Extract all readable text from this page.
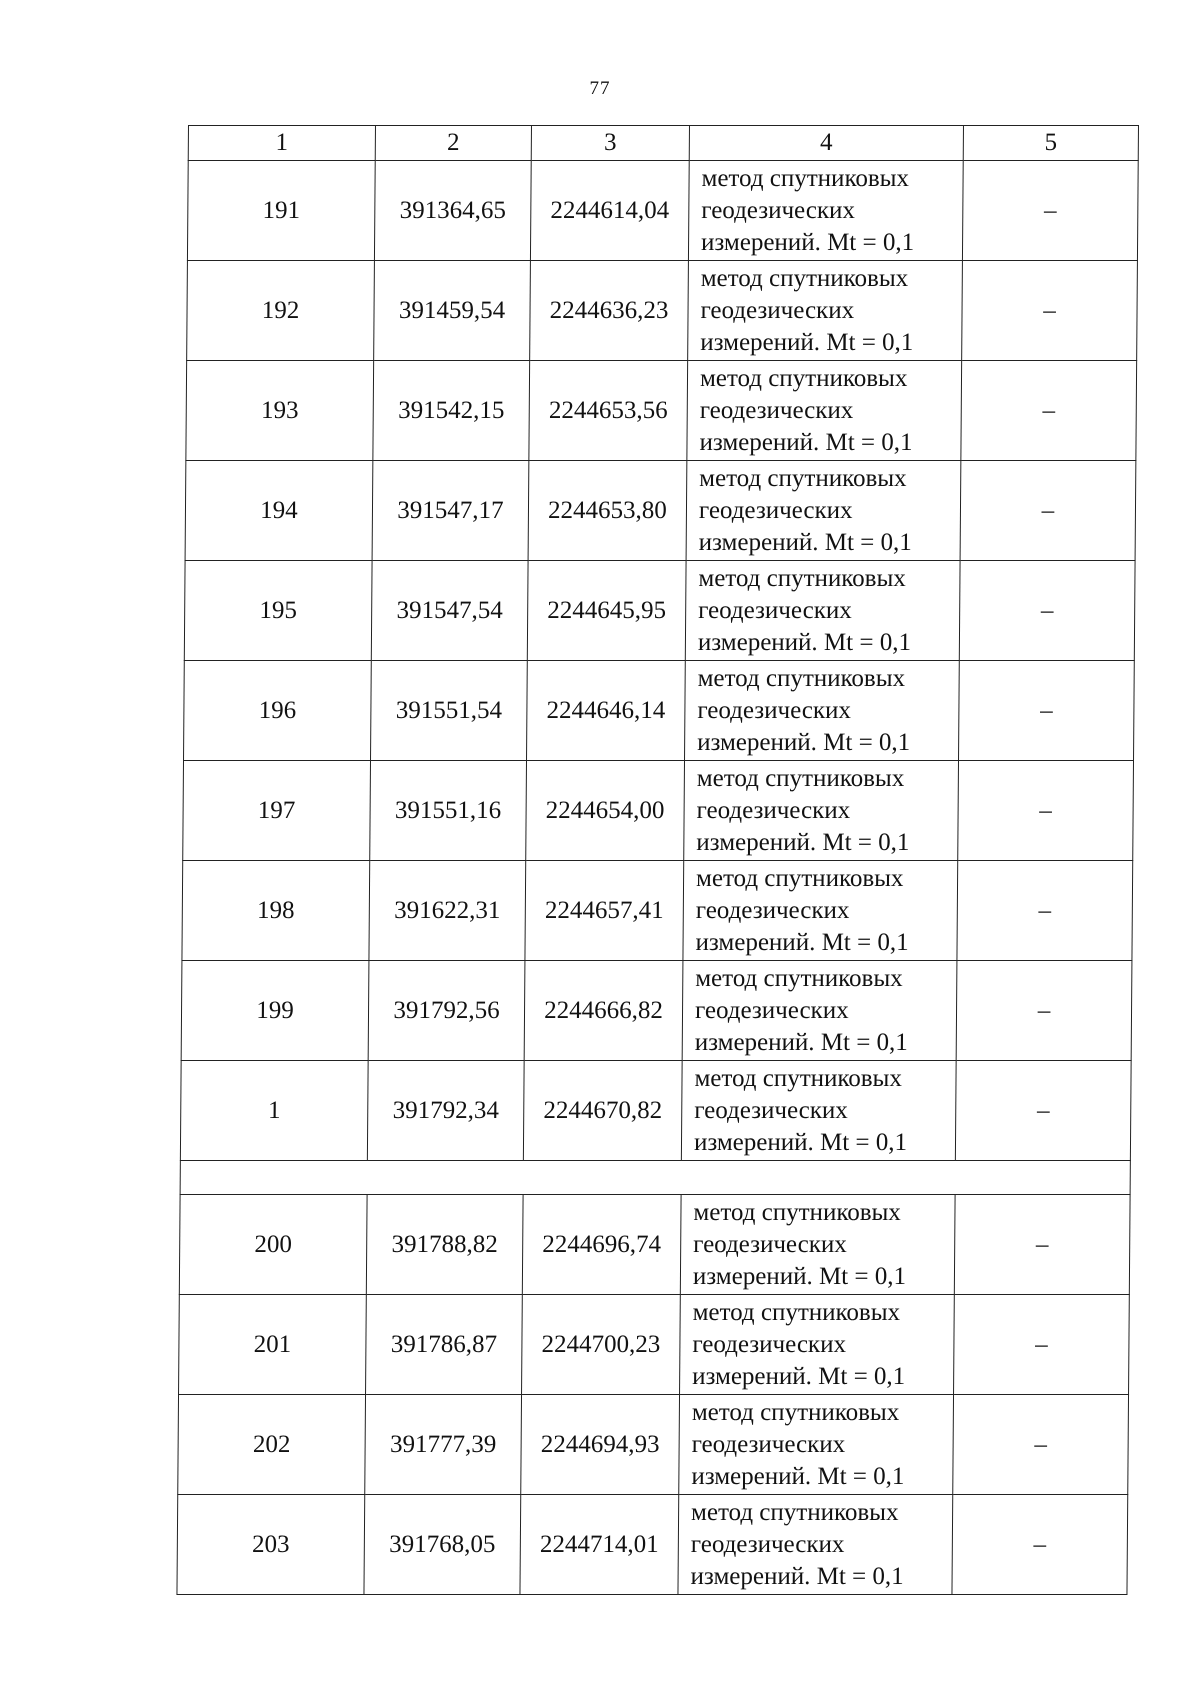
77
1	2	3	4	5
191	391364,65	2244614,04	метод спутниковых
геодезических
измерений. Mt = 0,1	–
192	391459,54	2244636,23	метод спутниковых
геодезических
измерений. Mt = 0,1	–
193	391542,15	2244653,56	метод спутниковых
геодезических
измерений. Mt = 0,1	–
194	391547,17	2244653,80	метод спутниковых
геодезических
измерений. Mt = 0,1	–
195	391547,54	2244645,95	метод спутниковых
геодезических
измерений. Mt = 0,1	–
196	391551,54	2244646,14	метод спутниковых
геодезических
измерений. Mt = 0,1	–
197	391551,16	2244654,00	метод спутниковых
геодезических
измерений. Mt = 0,1	–
198	391622,31	2244657,41	метод спутниковых
геодезических
измерений. Mt = 0,1	–
199	391792,56	2244666,82	метод спутниковых
геодезических
измерений. Mt = 0,1	–
1	391792,34	2244670,82	метод спутниковых
геодезических
измерений. Mt = 0,1	–

200	391788,82	2244696,74	метод спутниковых
геодезических
измерений. Mt = 0,1	–
201	391786,87	2244700,23	метод спутниковых
геодезических
измерений. Mt = 0,1	–
202	391777,39	2244694,93	метод спутниковых
геодезических
измерений. Mt = 0,1	–
203	391768,05	2244714,01	метод спутниковых
геодезических
измерений. Mt = 0,1	–
